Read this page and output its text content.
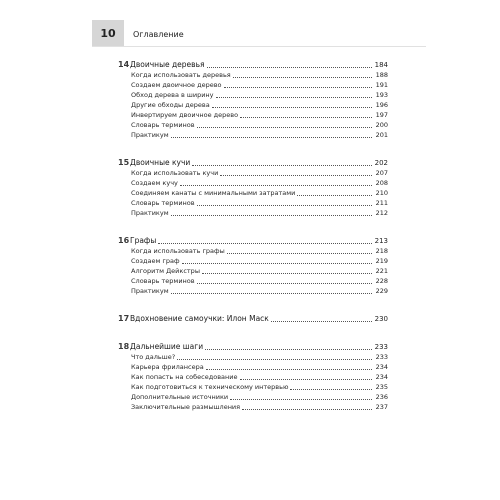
10	Оглавление
14 Двоичные деревья	184
Когда использовать деревья	188
Создаем двоичное дерево	191
Обход дерева в ширину	193
Другие обходы дерева	196
Инвертируем двоичное дерево	197
Словарь терминов	200
Практикум	201
15 Двоичные кучи	202
Когда использовать кучи	207
Создаем кучу	208
Соединяем канаты с минимальными затратами	210
Словарь терминов	211
Практикум	212
16 Графы	213
Когда использовать графы	218
Создаем граф	219
Алгоритм Дейкстры	221
Словарь терминов	228
Практикум	229
17 Вдохновение самоучки: Илон Маск	230
18 Дальнейшие шаги	233
Что дальше?	233
Карьера фрилансера	234
Как попасть на собеседование	234
Как подготовиться к техническому интервью	235
Дополнительные источники	236
Заключительные размышления	237
